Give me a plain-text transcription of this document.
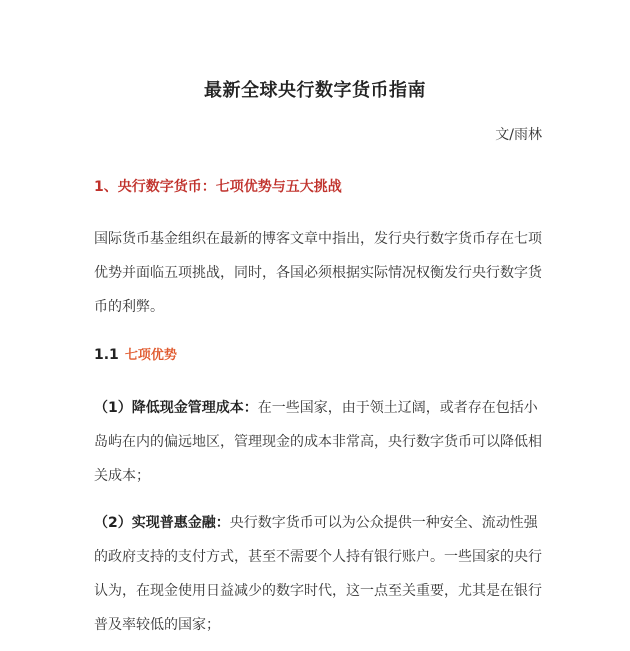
最新全球央行数字货币指南
文/雨林
1、央行数字货币：七项优势与五大挑战
国际货币基金组织在最新的博客文章中指出，发行央行数字货币存在七项优势并面临五项挑战，同时，各国必须根据实际情况权衡发行央行数字货币的利弊。
1.1 七项优势
（1）降低现金管理成本：在一些国家，由于领土辽阔，或者存在包括小岛屿在内的偏远地区，管理现金的成本非常高，央行数字货币可以降低相关成本；
（2）实现普惠金融：央行数字货币可以为公众提供一种安全、流动性强的政府支持的支付方式，甚至不需要个人持有银行账户。一些国家的央行认为，在现金使用日益减少的数字时代，这一点至关重要，尤其是在银行普及率较低的国家；
